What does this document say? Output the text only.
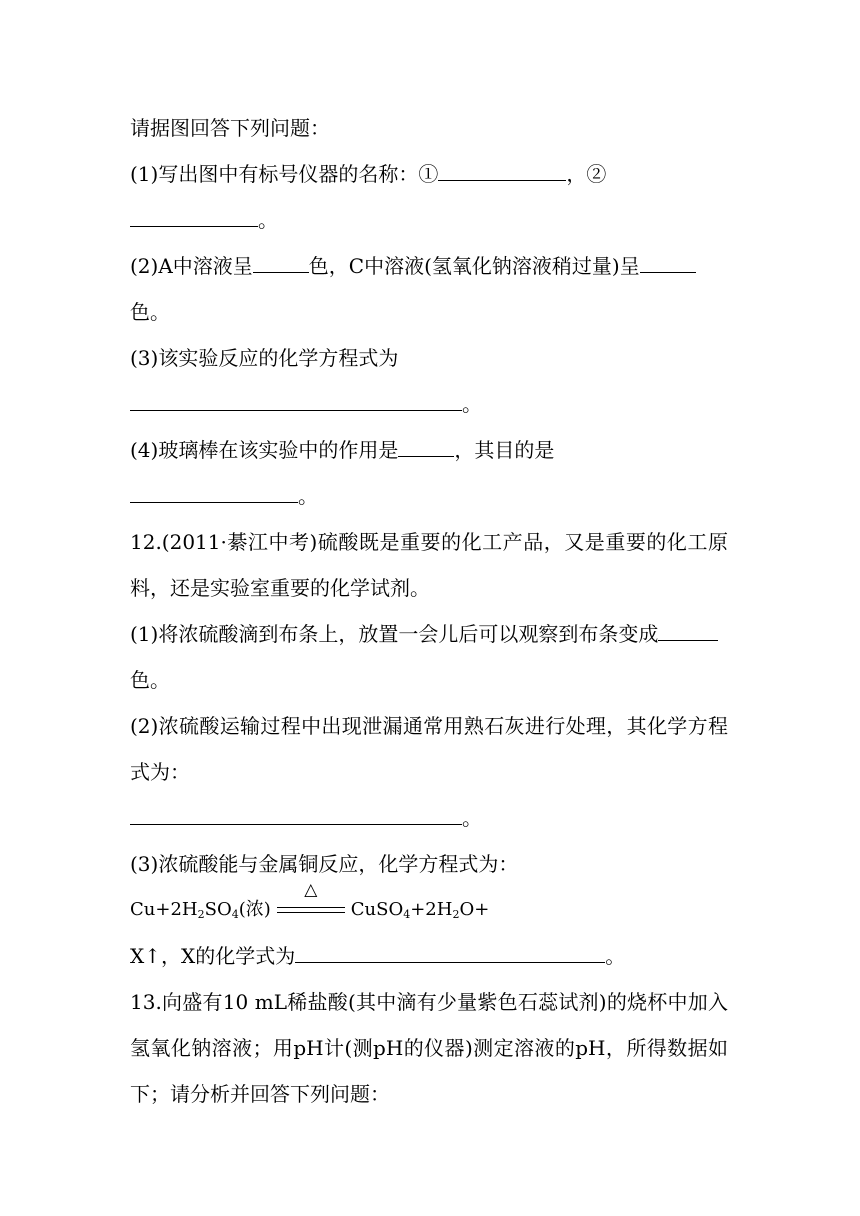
请据图回答下列问题：
(1)写出图中有标号仪器的名称：①	，②
。
(2)A中溶液呈	色，C中溶液(氢氧化钠溶液稍过量)呈
色。
(3)该实验反应的化学方程式为
。
(4)玻璃棒在该实验中的作用是	，其目的是
。
12.(2011·綦江中考)硫酸既是重要的化工产品，又是重要的化工原
料，还是实验室重要的化学试剂。
(1)将浓硫酸滴到布条上，放置一会儿后可以观察到布条变成
色。
(2)浓硫酸运输过程中出现泄漏通常用熟石灰进行处理，其化学方程
式为：
。
(3)浓硫酸能与金属铜反应，化学方程式为：
$Cu+2H_2SO_4$(浓)
△
$CuSO_4+2H_2O+$
X↑，X的化学式为	。
13.向盛有10 mL稀盐酸(其中滴有少量紫色石蕊试剂)的烧杯中加入
氢氧化钠溶液；用pH计(测pH的仪器)测定溶液的pH，所得数据如
下；请分析并回答下列问题：
